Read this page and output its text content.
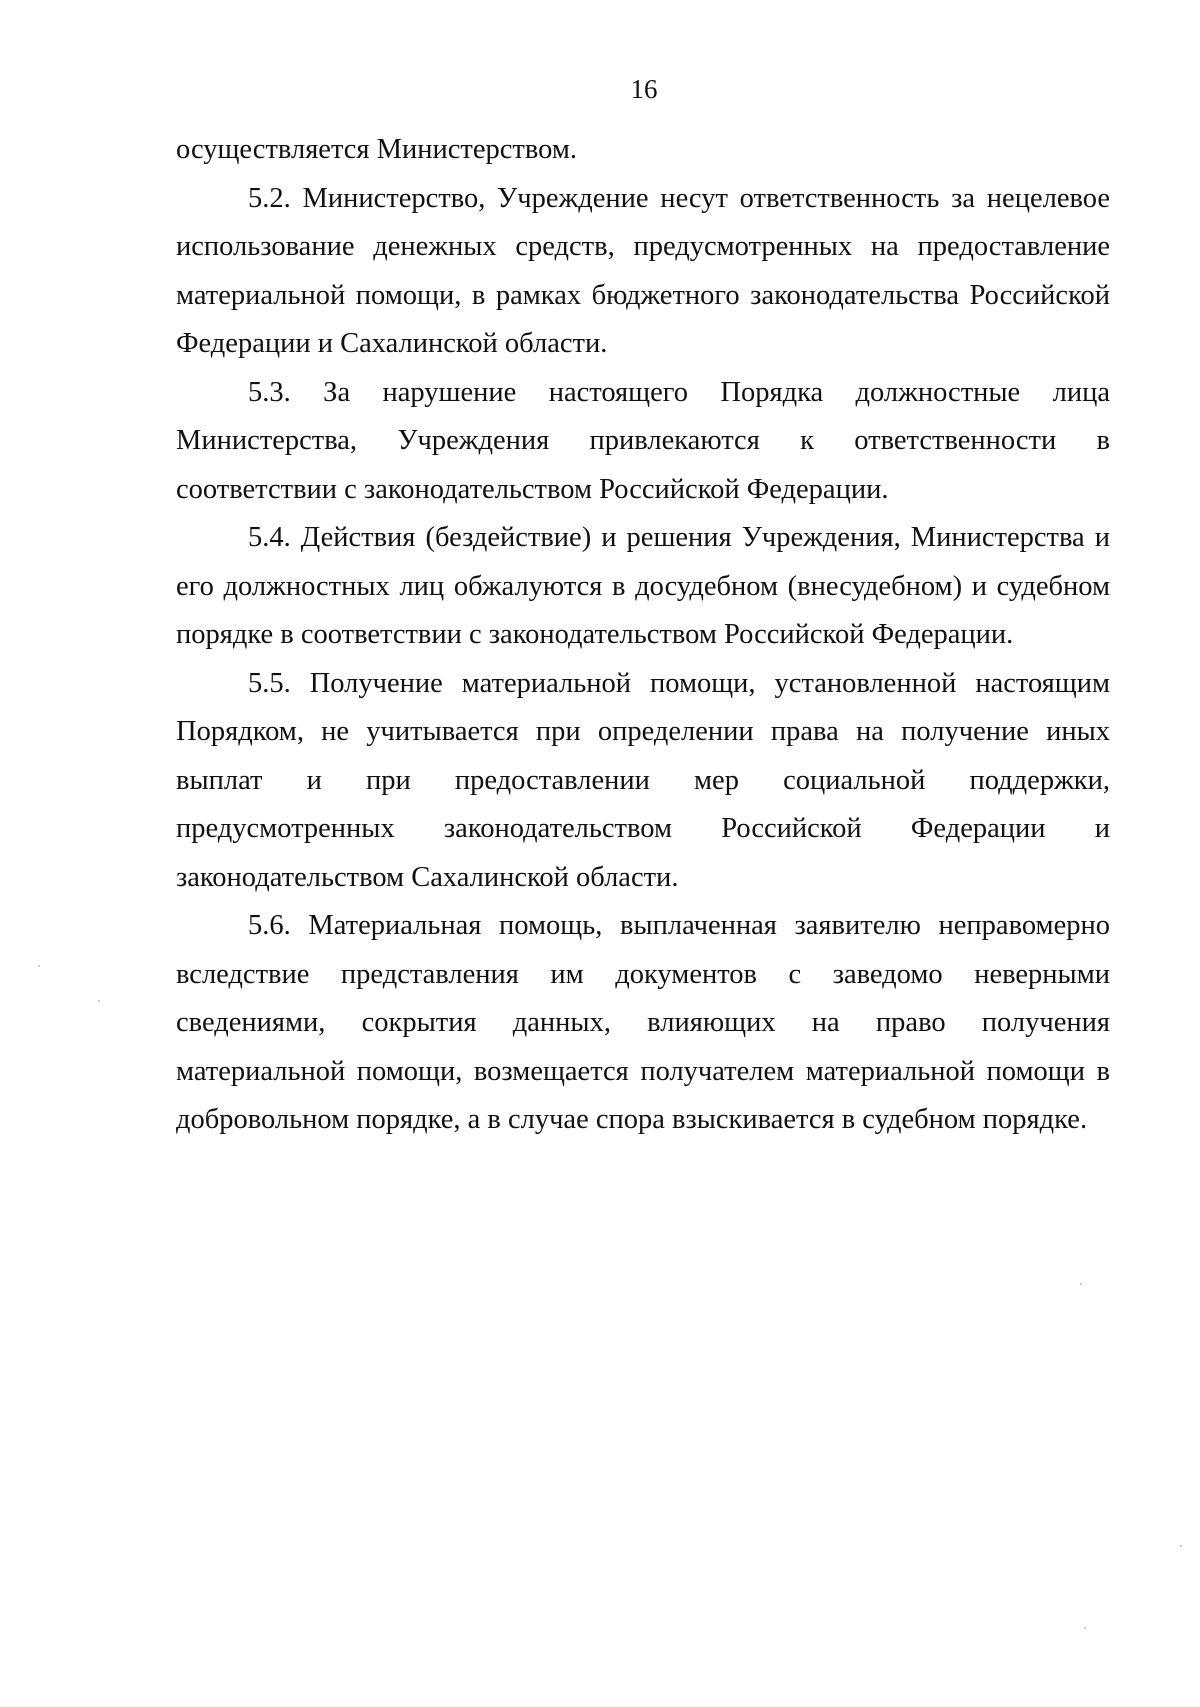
16

осуществляется Министерством.

5.2. Министерство, Учреждение несут ответственность за нецелевое использование денежных средств, предусмотренных на предоставление материальной помощи, в рамках бюджетного законодательства Российской Федерации и Сахалинской области.

5.3. За нарушение настоящего Порядка должностные лица Министерства, Учреждения привлекаются к ответственности в соответствии с законодательством Российской Федерации.

5.4. Действия (бездействие) и решения Учреждения, Министерства и его должностных лиц обжалуются в досудебном (внесудебном) и судебном порядке в соответствии с законодательством Российской Федерации.

5.5. Получение материальной помощи, установленной настоящим Порядком, не учитывается при определении права на получение иных выплат и при предоставлении мер социальной поддержки, предусмотренных законодательством Российской Федерации и законодательством Сахалинской области.

5.6. Материальная помощь, выплаченная заявителю неправомерно вследствие представления им документов с заведомо неверными сведениями, сокрытия данных, влияющих на право получения материальной помощи, возмещается получателем материальной помощи в добровольном порядке, а в случае спора взыскивается в судебном порядке.
